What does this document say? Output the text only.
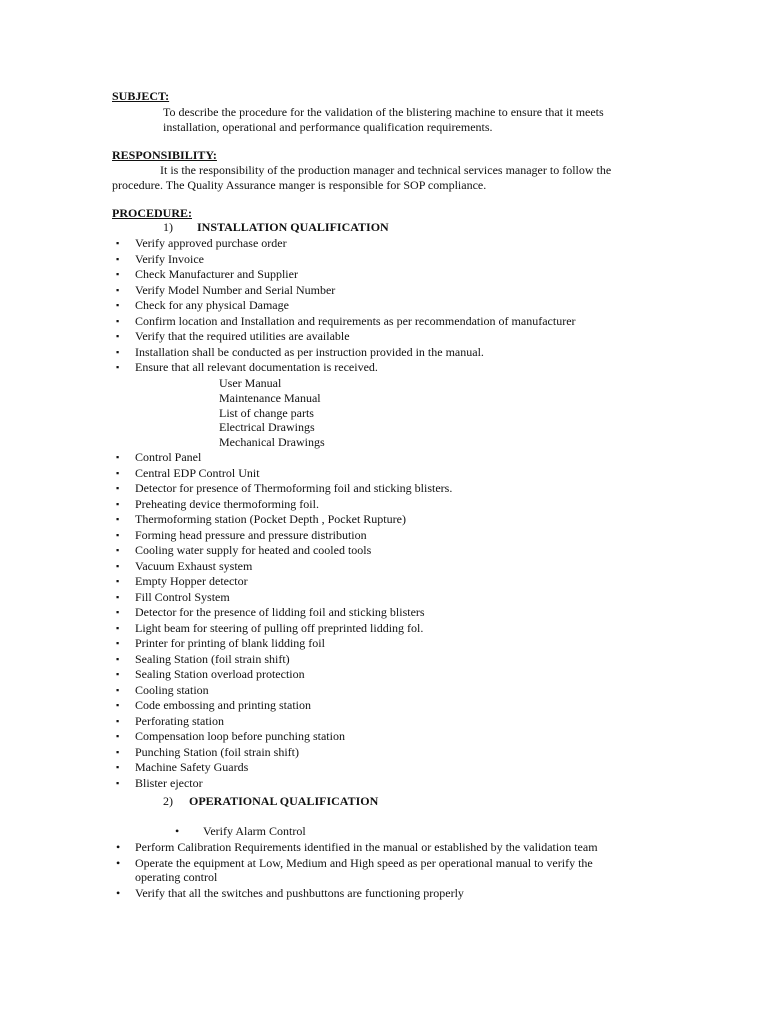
SUBJECT:
To describe the procedure for the validation of the blistering machine to ensure that it meets
installation, operational and performance qualification requirements.
RESPONSIBILITY:
It is the responsibility of the production manager and technical services manager to follow the
procedure. The Quality Assurance manger is responsible for SOP compliance.
PROCEDURE:
1) INSTALLATION QUALIFICATION
▪ Verify approved purchase order
▪ Verify Invoice
▪ Check Manufacturer and Supplier
▪ Verify Model Number and Serial Number
▪ Check for any physical Damage
▪ Confirm location and Installation and requirements as per recommendation of manufacturer
▪ Verify that the required utilities are available
▪ Installation shall be conducted as per instruction provided in the manual.
▪ Ensure that all relevant documentation is received.
User Manual
Maintenance Manual
List of change parts
Electrical Drawings
Mechanical Drawings
▪ Control Panel
▪ Central EDP Control Unit
▪ Detector for presence of Thermoforming foil and sticking blisters.
▪ Preheating device thermoforming foil.
▪ Thermoforming station (Pocket Depth , Pocket Rupture)
▪ Forming head pressure and pressure distribution
▪ Cooling water supply for heated and cooled tools
▪ Vacuum Exhaust system
▪ Empty Hopper detector
▪ Fill Control System
▪ Detector for the presence of lidding foil and sticking blisters
▪ Light beam for steering of pulling off preprinted lidding fol.
▪ Printer for printing of blank lidding foil
▪ Sealing Station (foil strain shift)
▪ Sealing Station overload protection
▪ Cooling station
▪ Code embossing and printing station
▪ Perforating station
▪ Compensation loop before punching station
▪ Punching Station (foil strain shift)
▪ Machine Safety Guards
▪ Blister ejector
2) OPERATIONAL QUALIFICATION
• Verify Alarm Control
• Perform Calibration Requirements identified in the manual or established by the validation team
• Operate the equipment at Low, Medium and High speed as per operational manual to verify the
• Verify that all the switches and pushbuttons are functioning properly
operating control
